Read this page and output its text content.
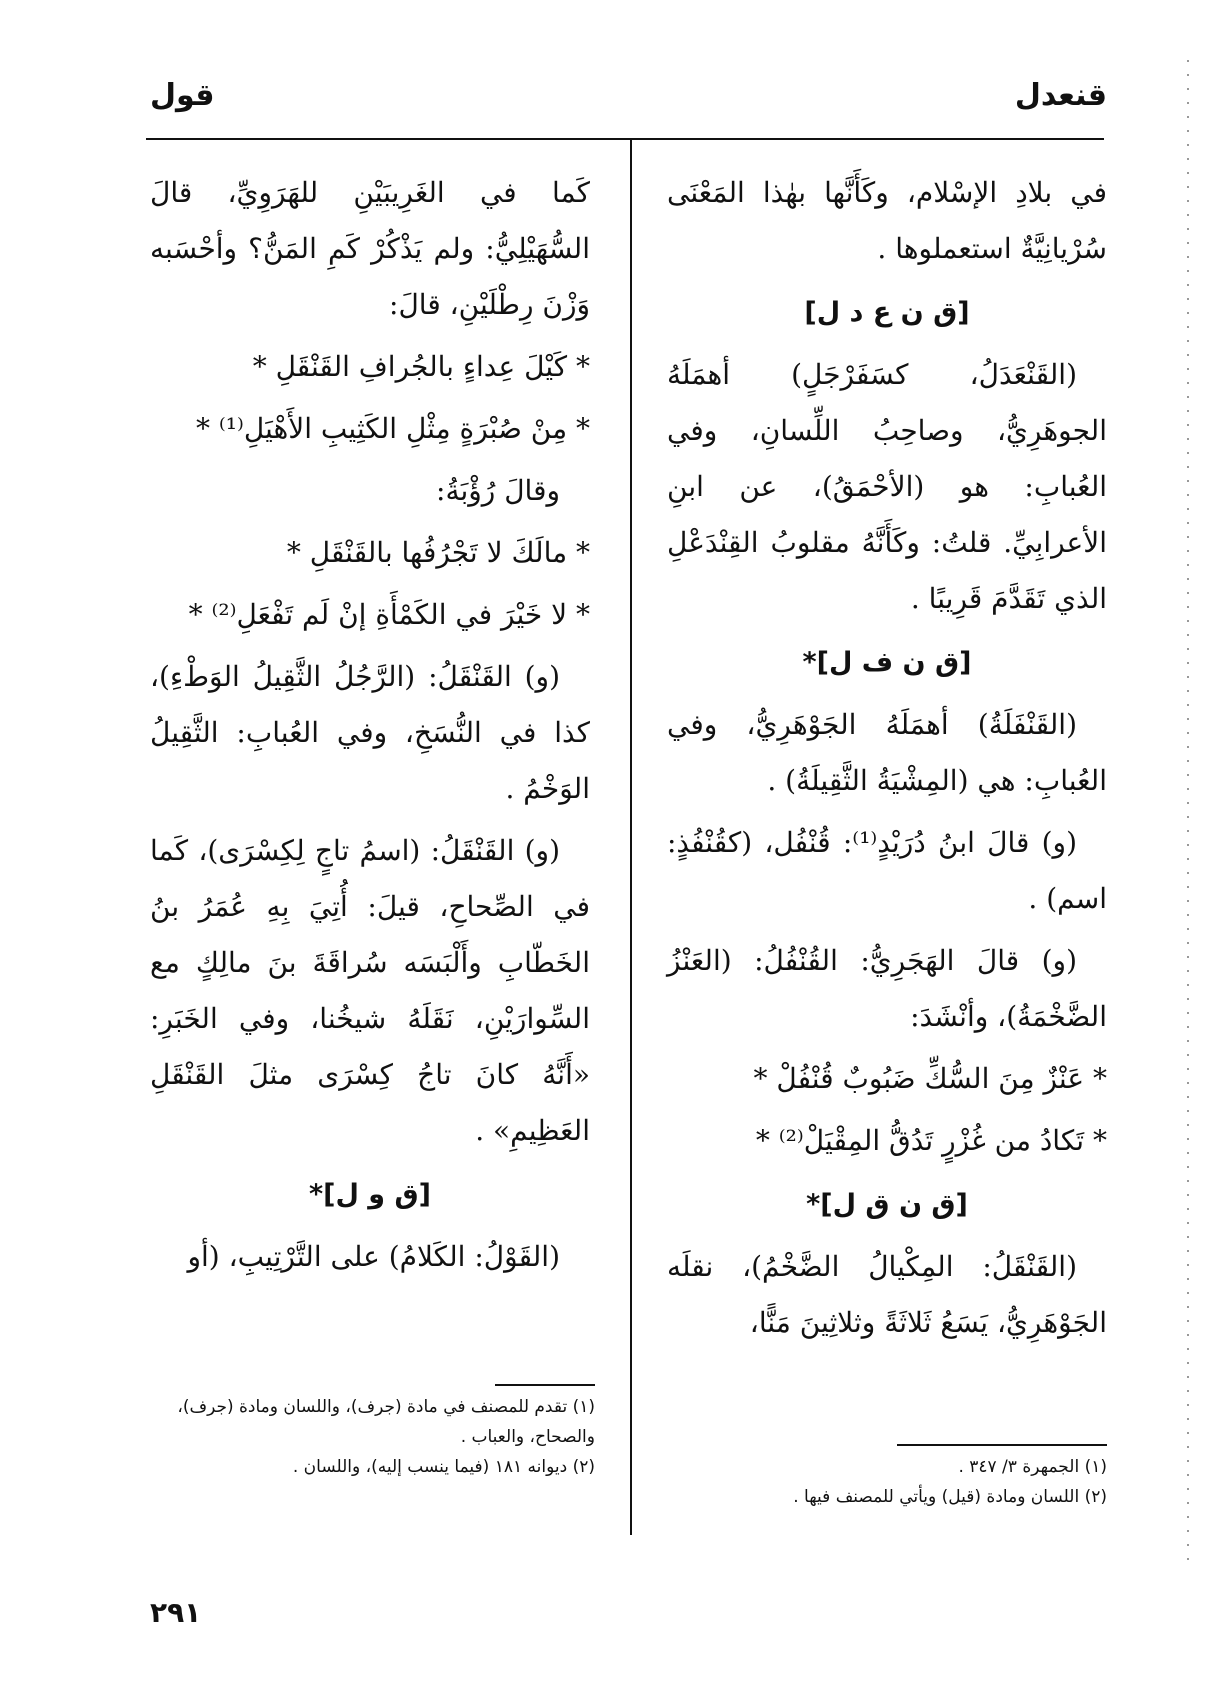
قنعدل
قول

في بلادِ الإسْلام، وكَأَنَّها بهٰذا المَعْنَى سُرْيانِيَّةٌ استعملوها .

[ق ن ع د ل]

(القَنْعَدَلُ، كسَفَرْجَلٍ) أهمَلَهُ الجوهَرِيُّ، وصاحِبُ اللِّسانِ، وفي العُبابِ: هو (الأحْمَقُ)، عن ابنِ الأعرابِيِّ. قلتُ: وكَأَنَّهُ مقلوبُ القِنْدَعْلِ الذي تَقَدَّمَ قَرِيبًا .

[ق ن ف ل]*

(القَنْفَلَةُ) أهمَلَهُ الجَوْهَرِيُّ، وفي العُبابِ: هي (المِشْيَةُ الثَّقِيلَةُ) .

(و) قالَ ابنُ دُرَيْدٍ⁽¹⁾: قُنْفُل، (كقُنْفُذٍ: اسم) .

(و) قالَ الهَجَرِيُّ: القُنْفُلُ: (العَنْزُ الضَّخْمَةُ)، وأنْشَدَ:

* عَنْزٌ مِنَ السُّكِّ ضَبُوبٌ قُنْفُلْ *

* تَكادُ من غُزْرٍ تَدُقُّ المِقْيَلْ⁽²⁾ *

[ق ن ق ل]*

(القَنْقَلُ: المِكْيالُ الضَّخْمُ)، نقلَه الجَوْهَرِيُّ، يَسَعُ ثَلاثَةً وثلاثِينَ مَنًّا،

كَما في الغَرِيبَيْنِ للهَرَوِيِّ، قالَ السُّهَيْلِيُّ: ولم يَذْكُرْ كَمِ المَنُّ؟ وأحْسَبه وَزْنَ رِطْلَيْنِ، قالَ:

* كَيْلَ عِداءٍ بالجُرافِ القَنْقَلِ *

* مِنْ صُبْرَةٍ مِثْلِ الكَثِيبِ الأَهْيَلِ⁽¹⁾ *

وقالَ رُؤْبَةُ:

* مالَكَ لا تَجْرُفُها بالقَنْقَلِ *

* لا خَيْرَ في الكَمْأَةِ إنْ لَم تَفْعَلِ⁽²⁾ *

(و) القَنْقَلُ: (الرَّجُلُ الثَّقِيلُ الوَطْءِ)، كذا في النُّسَخِ، وفي العُبابِ: الثَّقِيلُ الوَخْمُ .

(و) القَنْقَلُ: (اسمُ تاجٍ لِكِسْرَى)، كَما في الصِّحاحِ، قيلَ: أُتِيَ بِهِ عُمَرُ بنُ الخَطّابِ وأَلْبَسَه سُراقَةَ بنَ مالِكٍ مع السِّوارَيْنِ، نَقَلَهُ شيخُنا، وفي الخَبَرِ: «أَنَّهُ كانَ تاجُ كِسْرَى مثلَ القَنْقَلِ العَظِيمِ» .

[ق و ل]*

(القَوْلُ: الكَلامُ) على التَّرْتِيبِ، (أو

(١) الجمهرة ٣/ ٣٤٧ .

(٢) اللسان ومادة (قيل) ويأتي للمصنف فيها .

(١) تقدم للمصنف في مادة (جرف)، واللسان ومادة (جرف)، والصحاح، والعباب .

(٢) ديوانه ١٨١ (فيما ينسب إليه)، واللسان .

٢٩١
